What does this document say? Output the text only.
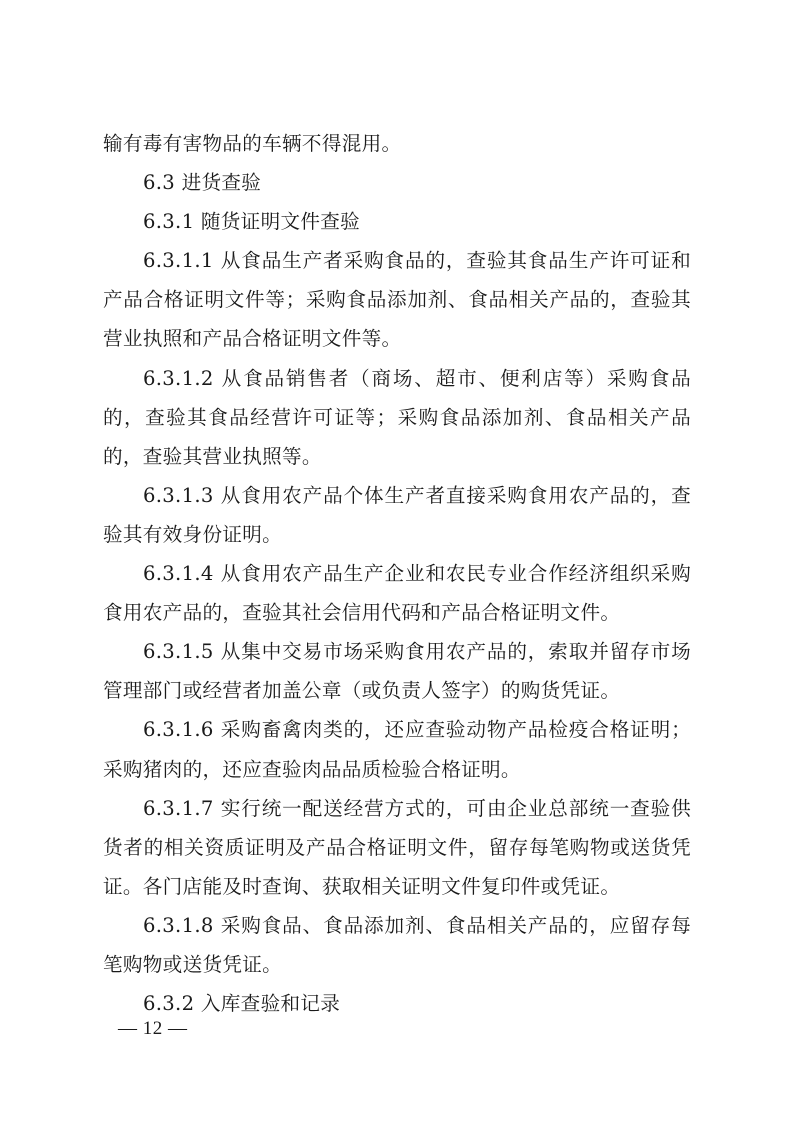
输有毒有害物品的车辆不得混用。

6.3 进货查验

6.3.1 随货证明文件查验

6.3.1.1 从食品生产者采购食品的，查验其食品生产许可证和产品合格证明文件等；采购食品添加剂、食品相关产品的，查验其营业执照和产品合格证明文件等。

6.3.1.2 从食品销售者（商场、超市、便利店等）采购食品的，查验其食品经营许可证等；采购食品添加剂、食品相关产品的，查验其营业执照等。

6.3.1.3 从食用农产品个体生产者直接采购食用农产品的，查验其有效身份证明。

6.3.1.4 从食用农产品生产企业和农民专业合作经济组织采购食用农产品的，查验其社会信用代码和产品合格证明文件。

6.3.1.5 从集中交易市场采购食用农产品的，索取并留存市场管理部门或经营者加盖公章（或负责人签字）的购货凭证。

6.3.1.6 采购畜禽肉类的，还应查验动物产品检疫合格证明；采购猪肉的，还应查验肉品品质检验合格证明。

6.3.1.7 实行统一配送经营方式的，可由企业总部统一查验供货者的相关资质证明及产品合格证明文件，留存每笔购物或送货凭证。各门店能及时查询、获取相关证明文件复印件或凭证。

6.3.1.8 采购食品、食品添加剂、食品相关产品的，应留存每笔购物或送货凭证。

6.3.2 入库查验和记录

— 12 —
